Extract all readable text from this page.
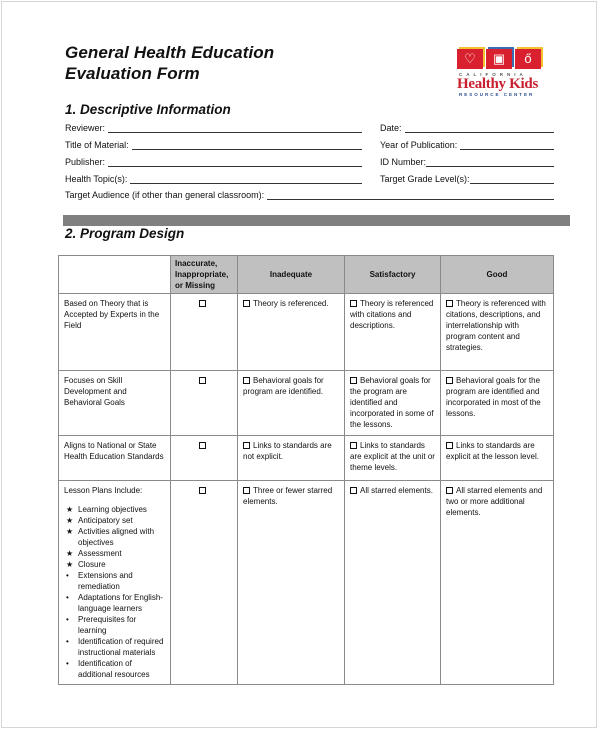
General Health Education
Evaluation Form
♡	▣	ő
CALIFORNIA
Healthy Kids
RESOURCE CENTER
1. Descriptive Information
Reviewer:
Title of Material:
Publisher:
Health Topic(s):
Date:
Year of Publication:
ID Number:
Target Grade Level(s):
Target Audience (if other than general classroom):
2. Program Design
	Inaccurate, Inappropriate, or Missing	Inadequate	Satisfactory	Good
Based on Theory that is Accepted by Experts in the Field		Theory is referenced.	Theory is referenced with citations and descriptions.	Theory is referenced with citations, descriptions, and interrelationship with program content and strategies.
Focuses on Skill Development and Behavioral Goals		Behavioral goals for program are identified.	Behavioral goals for the program are identified and incorporated in some of the lessons.	Behavioral goals for the program are identified and incorporated in most of the lessons.
Aligns to National or State Health Education Standards		Links to standards are not explicit.	Links to standards are explicit at the unit or theme levels.	Links to standards are explicit at the lesson level.

Lesson Plans Include:
★ Learning objectives
★ Anticipatory set
★ Activities aligned with objectives
★ Assessment
★ Closure
• Extensions and remediation
• Adaptations for English-language learners
• Prerequisites for learning
• Identification of required instructional materials
• Identification of additional resources
		Three or fewer starred elements.	All starred elements.	All starred elements and two or more additional elements.
